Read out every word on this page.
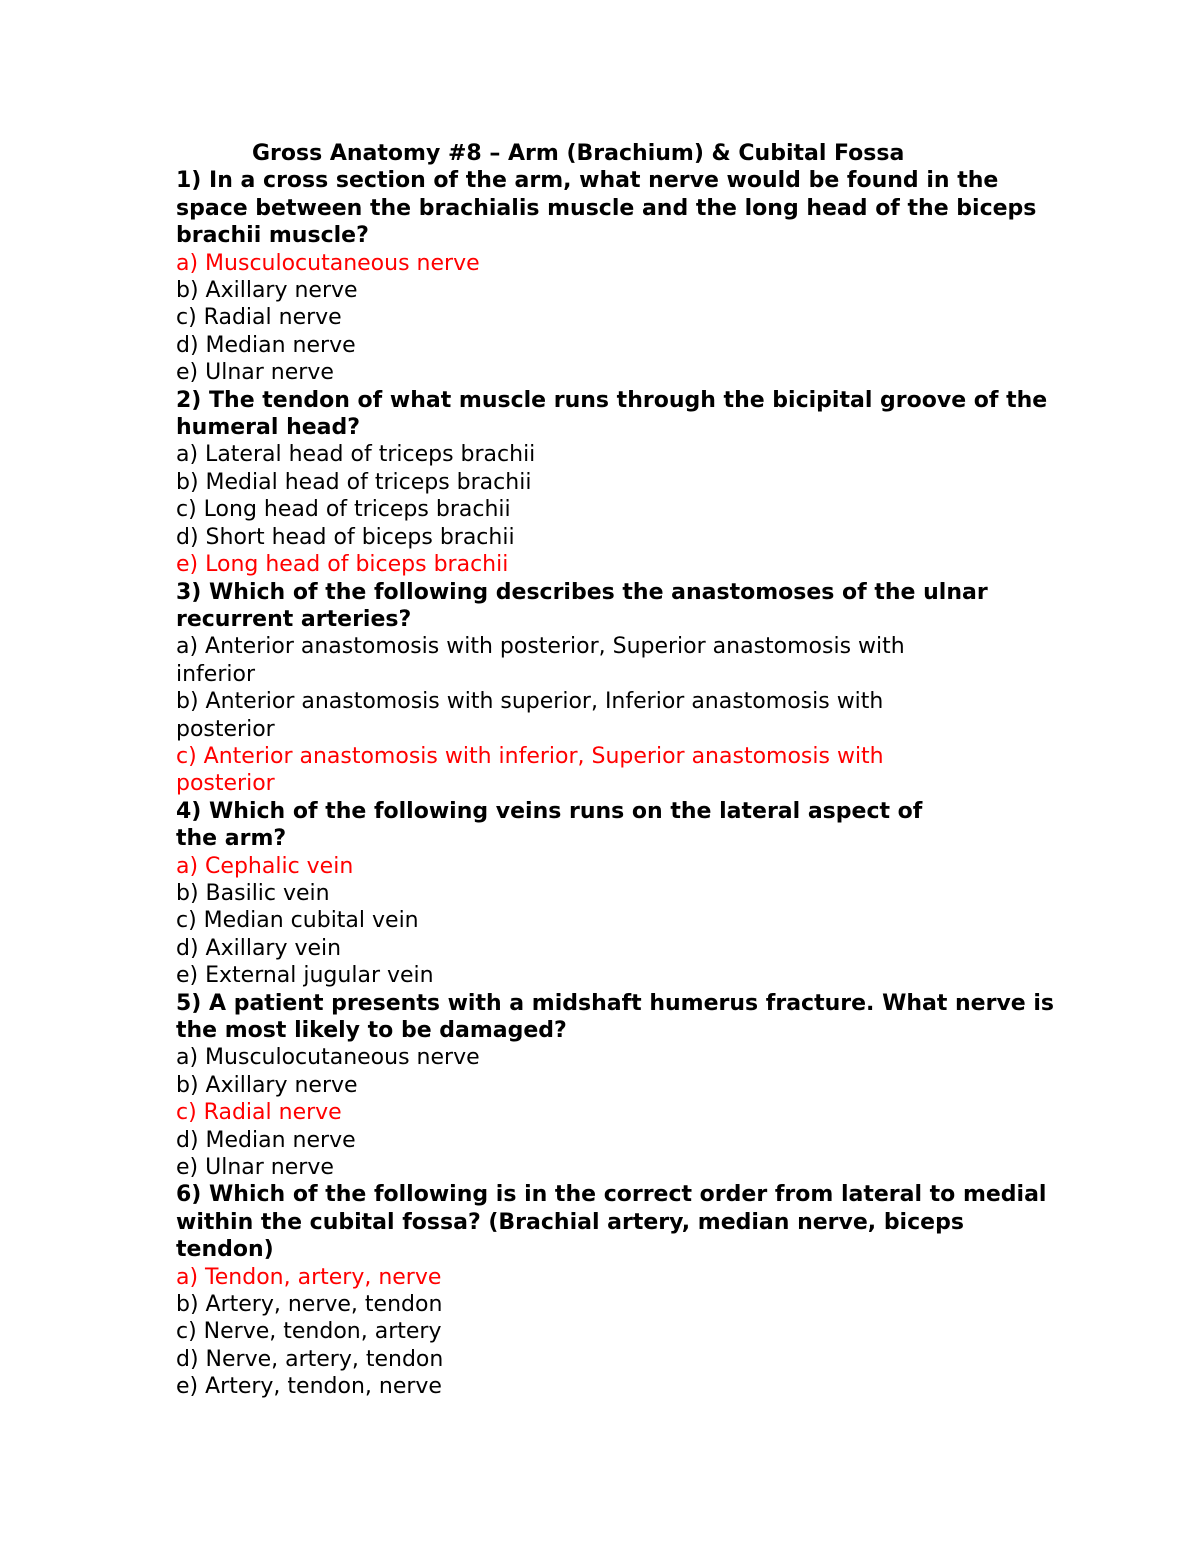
Gross Anatomy #8 – Arm (Brachium) & Cubital Fossa
1) In a cross section of the arm, what nerve would be found in the
space between the brachialis muscle and the long head of the biceps
brachii muscle?
a) Musculocutaneous nerve
b) Axillary nerve
c) Radial nerve
d) Median nerve
e) Ulnar nerve
2) The tendon of what muscle runs through the bicipital groove of the
humeral head?
a) Lateral head of triceps brachii
b) Medial head of triceps brachii
c) Long head of triceps brachii
d) Short head of biceps brachii
e) Long head of biceps brachii
3) Which of the following describes the anastomoses of the ulnar
recurrent arteries?
a) Anterior anastomosis with posterior, Superior anastomosis with
inferior
b) Anterior anastomosis with superior, Inferior anastomosis with
posterior
c) Anterior anastomosis with inferior, Superior anastomosis with
posterior
4) Which of the following veins runs on the lateral aspect of
the arm?
a) Cephalic vein
b) Basilic vein
c) Median cubital vein
d) Axillary vein
e) External jugular vein
5) A patient presents with a midshaft humerus fracture. What nerve is
the most likely to be damaged?
a) Musculocutaneous nerve
b) Axillary nerve
c) Radial nerve
d) Median nerve
e) Ulnar nerve
6) Which of the following is in the correct order from lateral to medial
within the cubital fossa? (Brachial artery, median nerve, biceps
tendon)
a) Tendon, artery, nerve
b) Artery, nerve, tendon
c) Nerve, tendon, artery
d) Nerve, artery, tendon
e) Artery, tendon, nerve
